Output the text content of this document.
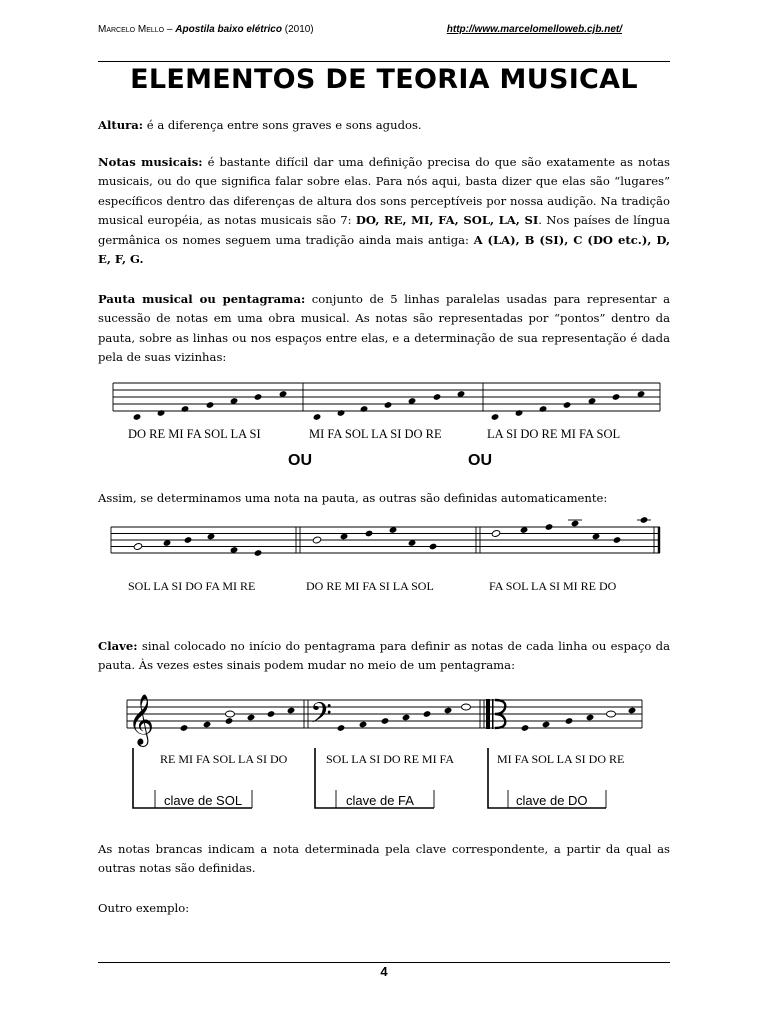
Marcelo Mello – Apostila baixo elétrico (2010)	http://www.marcelomelloweb.cjb.net/
ELEMENTOS DE TEORIA MUSICAL

Altura: é a diferença entre sons graves e sons agudos.

Notas musicais: é bastante difícil dar uma definição precisa do que são exatamente as notas musicais, ou do que significa falar sobre elas. Para nós aqui, basta dizer que elas são “lugares” específicos dentro das diferenças de altura dos sons perceptíveis por nossa audição. Na tradição musical européia, as notas musicais são 7: DO, RE, MI, FA, SOL, LA, SI. Nos países de língua germânica os nomes seguem uma tradição ainda mais antiga: A (LA), B (SI), C (DO etc.), D, E, F, G.

Pauta musical ou pentagrama: conjunto de 5 linhas paralelas usadas para representar a sucessão de notas em uma obra musical. As notas são representadas por “pontos” dentro da pauta, sobre as linhas ou nos espaços entre elas, e a determinação de sua representação é dada pela de suas vizinhas:

DO RE MI FA SOL LA SI	MI FA SOL LA SI DO RE	LA SI DO RE MI FA SOL
OU	OU

Assim, se determinamos uma nota na pauta, as outras são definidas automaticamente:

SOL LA SI DO FA MI RE	DO RE MI FA SI LA SOL	FA SOL LA SI MI RE DO

Clave: sinal colocado no início do pentagrama para definir as notas de cada linha ou espaço da pauta. Às vezes estes sinais podem mudar no meio de um pentagrama:

𝄞	𝄢
RE MI FA SOL LA SI DO	SOL LA SI DO RE MI FA	MI FA SOL LA SI DO RE
clave de SOL	clave de FA	clave de DO

As notas brancas indicam a nota determinada pela clave correspondente, a partir da qual as outras notas são definidas.

Outro exemplo:

4
